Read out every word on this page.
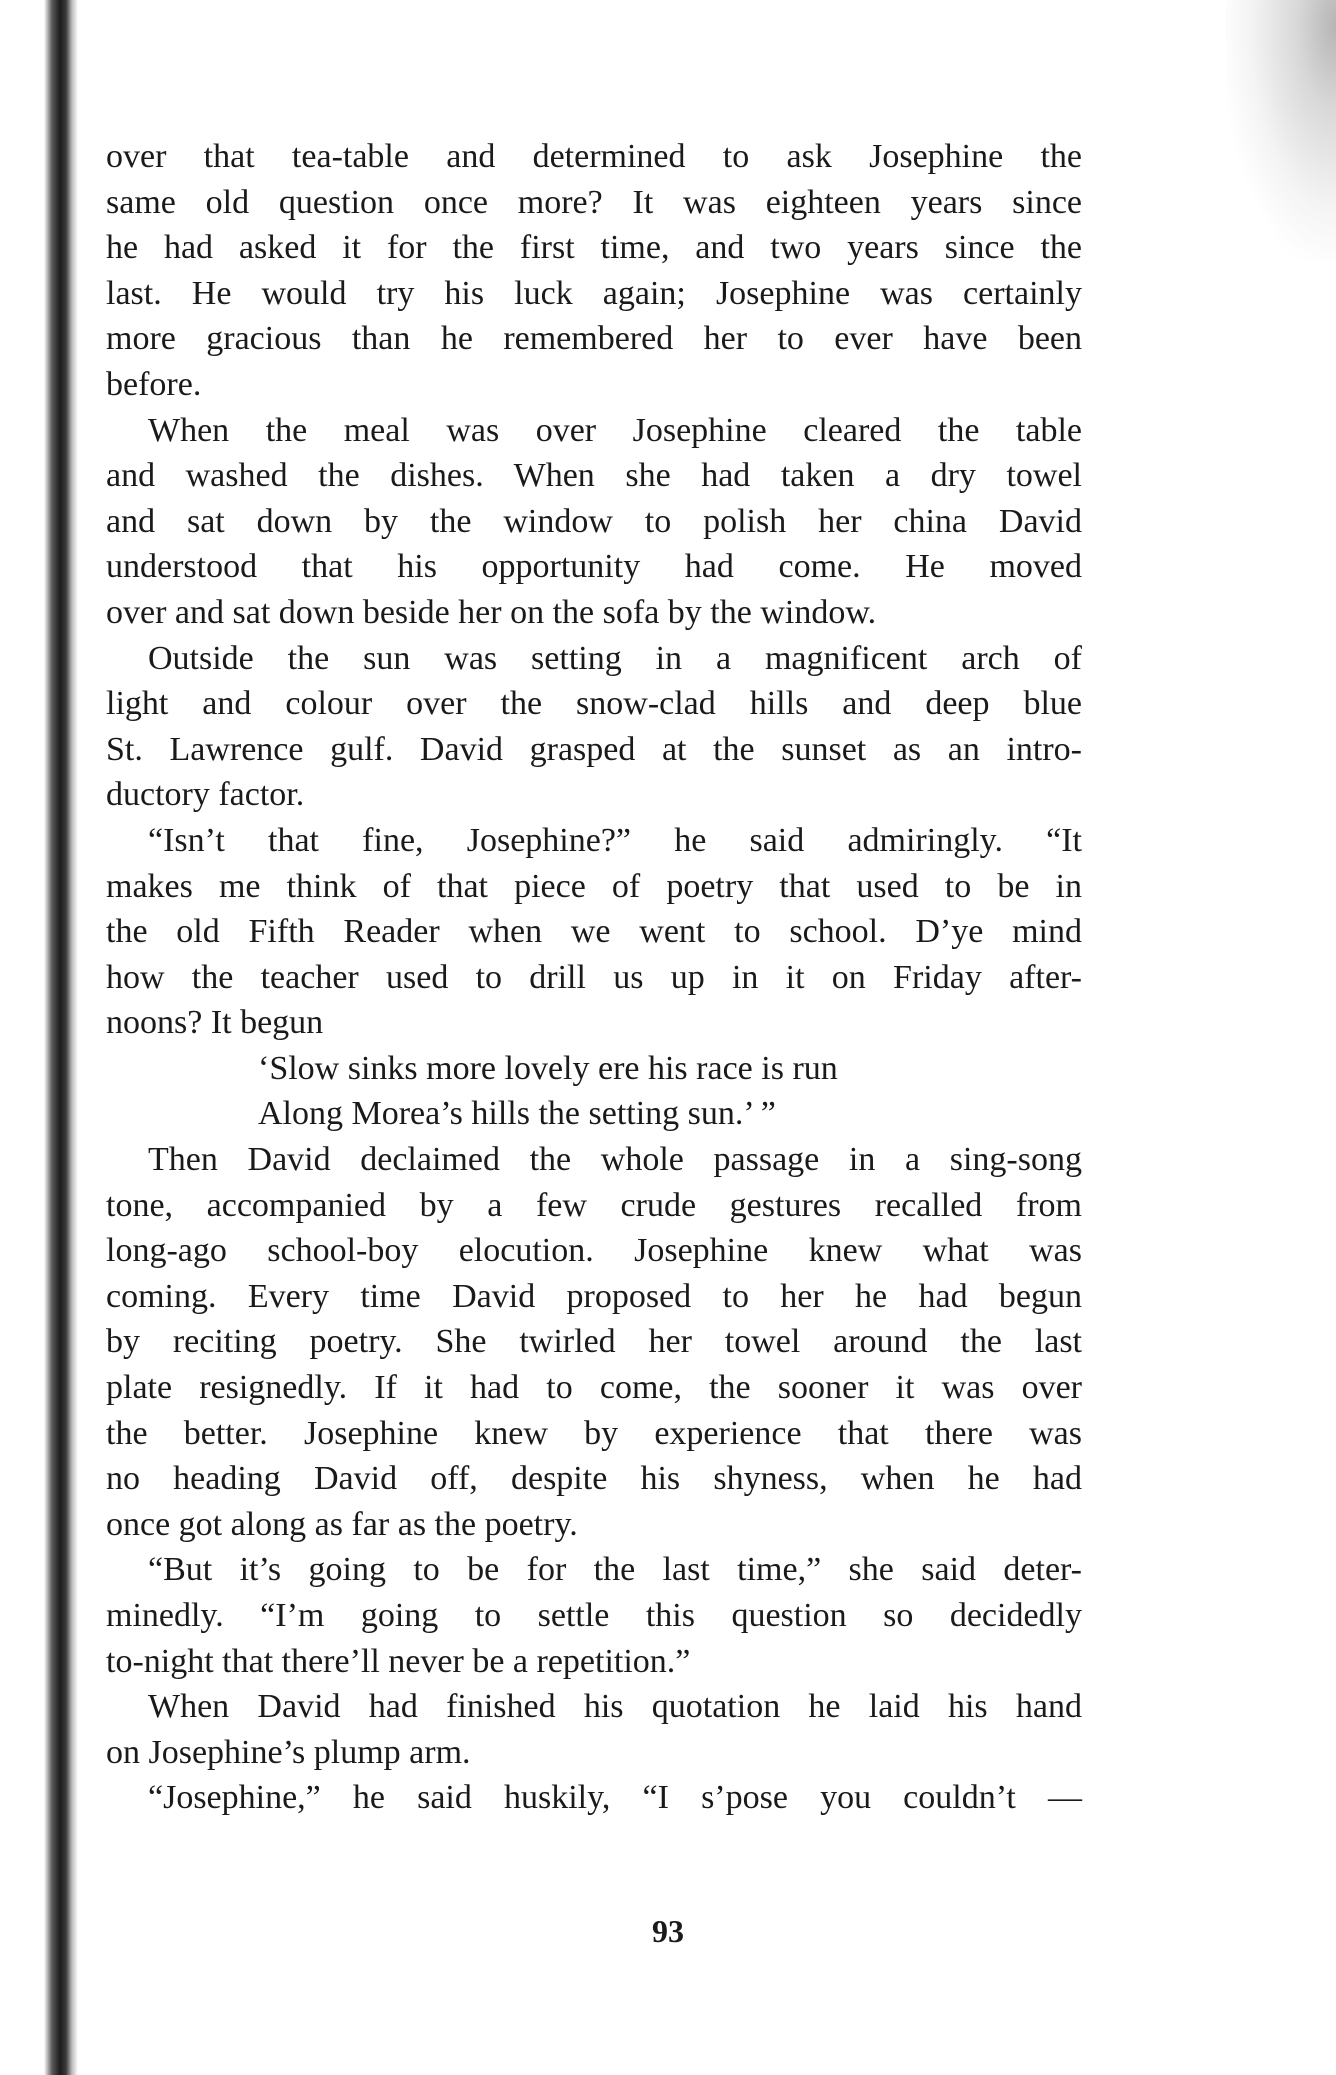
over that tea-table and determined to ask Josephine the
same old question once more? It was eighteen years since
he had asked it for the first time, and two years since the
last. He would try his luck again; Josephine was certainly
more gracious than he remembered her to ever have been
before.
When the meal was over Josephine cleared the table
and washed the dishes. When she had taken a dry towel
and sat down by the window to polish her china David
understood that his opportunity had come. He moved
over and sat down beside her on the sofa by the window.
Outside the sun was setting in a magnificent arch of
light and colour over the snow-clad hills and deep blue
St. Lawrence gulf. David grasped at the sunset as an intro-
ductory factor.
“Isn’t that fine, Josephine?” he said admiringly. “It
makes me think of that piece of poetry that used to be in
the old Fifth Reader when we went to school. D’ye mind
how the teacher used to drill us up in it on Friday after-
noons? It begun
‘Slow sinks more lovely ere his race is run
Along Morea’s hills the setting sun.’ ”
Then David declaimed the whole passage in a sing-song
tone, accompanied by a few crude gestures recalled from
long-ago school-boy elocution. Josephine knew what was
coming. Every time David proposed to her he had begun
by reciting poetry. She twirled her towel around the last
plate resignedly. If it had to come, the sooner it was over
the better. Josephine knew by experience that there was
no heading David off, despite his shyness, when he had
once got along as far as the poetry.
“But it’s going to be for the last time,” she said deter-
minedly. “I’m going to settle this question so decidedly
to-night that there’ll never be a repetition.”
When David had finished his quotation he laid his hand
on Josephine’s plump arm.
“Josephine,” he said huskily, “I s’pose you couldn’t —
93
